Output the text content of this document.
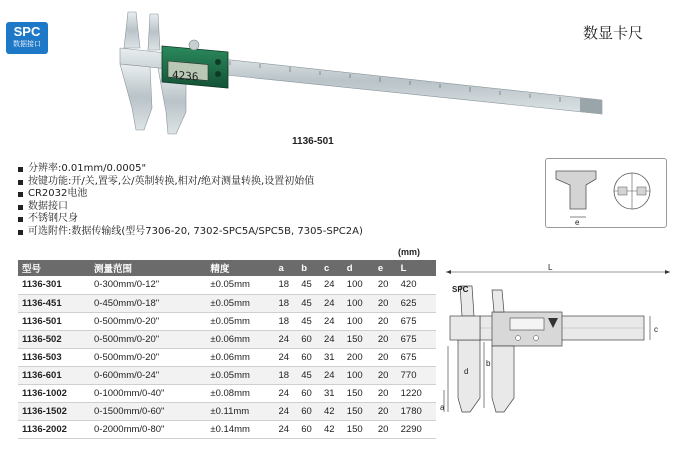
SPC
数据接口
数显卡尺
4236
1136-501
分辨率:0.01mm/0.0005"
按键功能:开/关,置零,公/英制转换,相对/绝对测量转换,设置初始值
CR2032电池
数据接口
不锈钢尺身
可选附件:数据传输线(型号7306-20, 7302-SPC5A/SPC5B, 7305-SPC2A)
e
(mm)
型号	测量范围	精度	a	b	c	d	e	L
1136-301	0-300mm/0-12"	±0.05mm	18	45	24	100	20	420
1136-451	0-450mm/0-18"	±0.05mm	18	45	24	100	20	625
1136-501	0-500mm/0-20"	±0.05mm	18	45	24	100	20	675
1136-502	0-500mm/0-20"	±0.06mm	24	60	24	150	20	675
1136-503	0-500mm/0-20"	±0.06mm	24	60	31	200	20	675
1136-601	0-600mm/0-24"	±0.05mm	18	45	24	100	20	770
1136-1002	0-1000mm/0-40"	±0.08mm	24	60	31	150	20	1220
1136-1502	0-1500mm/0-60"	±0.11mm	24	60	42	150	20	1780
1136-2002	0-2000mm/0-80"	±0.14mm	24	60	42	150	20	2290
L
SPC
c
b
d
a
